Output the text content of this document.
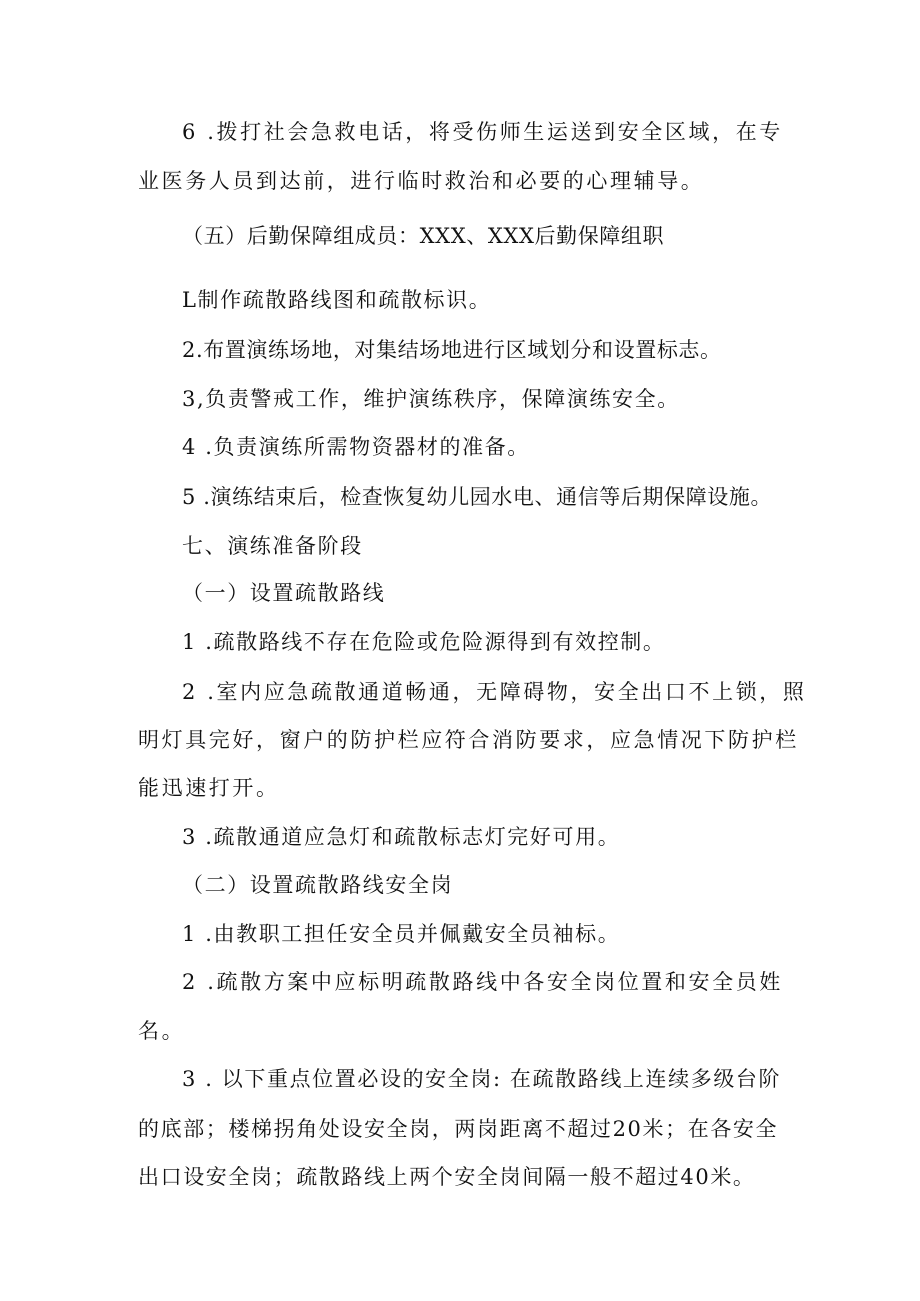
6 .拨打社会急救电话，将受伤师生运送到安全区域，在专
业医务人员到达前，进行临时救治和必要的心理辅导。
（五）后勤保障组成员：XXX、XXX后勤保障组职
L制作疏散路线图和疏散标识。
2.布置演练场地，对集结场地进行区域划分和设置标志。
3,负责警戒工作，维护演练秩序，保障演练安全。
4 .负责演练所需物资器材的准备。
5 .演练结束后，检查恢复幼儿园水电、通信等后期保障设施。
七、演练准备阶段
（一）设置疏散路线
1 .疏散路线不存在危险或危险源得到有效控制。
2 .室内应急疏散通道畅通，无障碍物，安全出口不上锁，照
明灯具完好，窗户的防护栏应符合消防要求，应急情况下防护栏
能迅速打开。
3 .疏散通道应急灯和疏散标志灯完好可用。
（二）设置疏散路线安全岗
1 .由教职工担任安全员并佩戴安全员袖标。
2 .疏散方案中应标明疏散路线中各安全岗位置和安全员姓
名。
3 . 以下重点位置必设的安全岗: 在疏散路线上连续多级台阶
的底部；楼梯拐角处设安全岗，两岗距离不超过20米；在各安全
出口设安全岗；疏散路线上两个安全岗间隔一般不超过40米。
